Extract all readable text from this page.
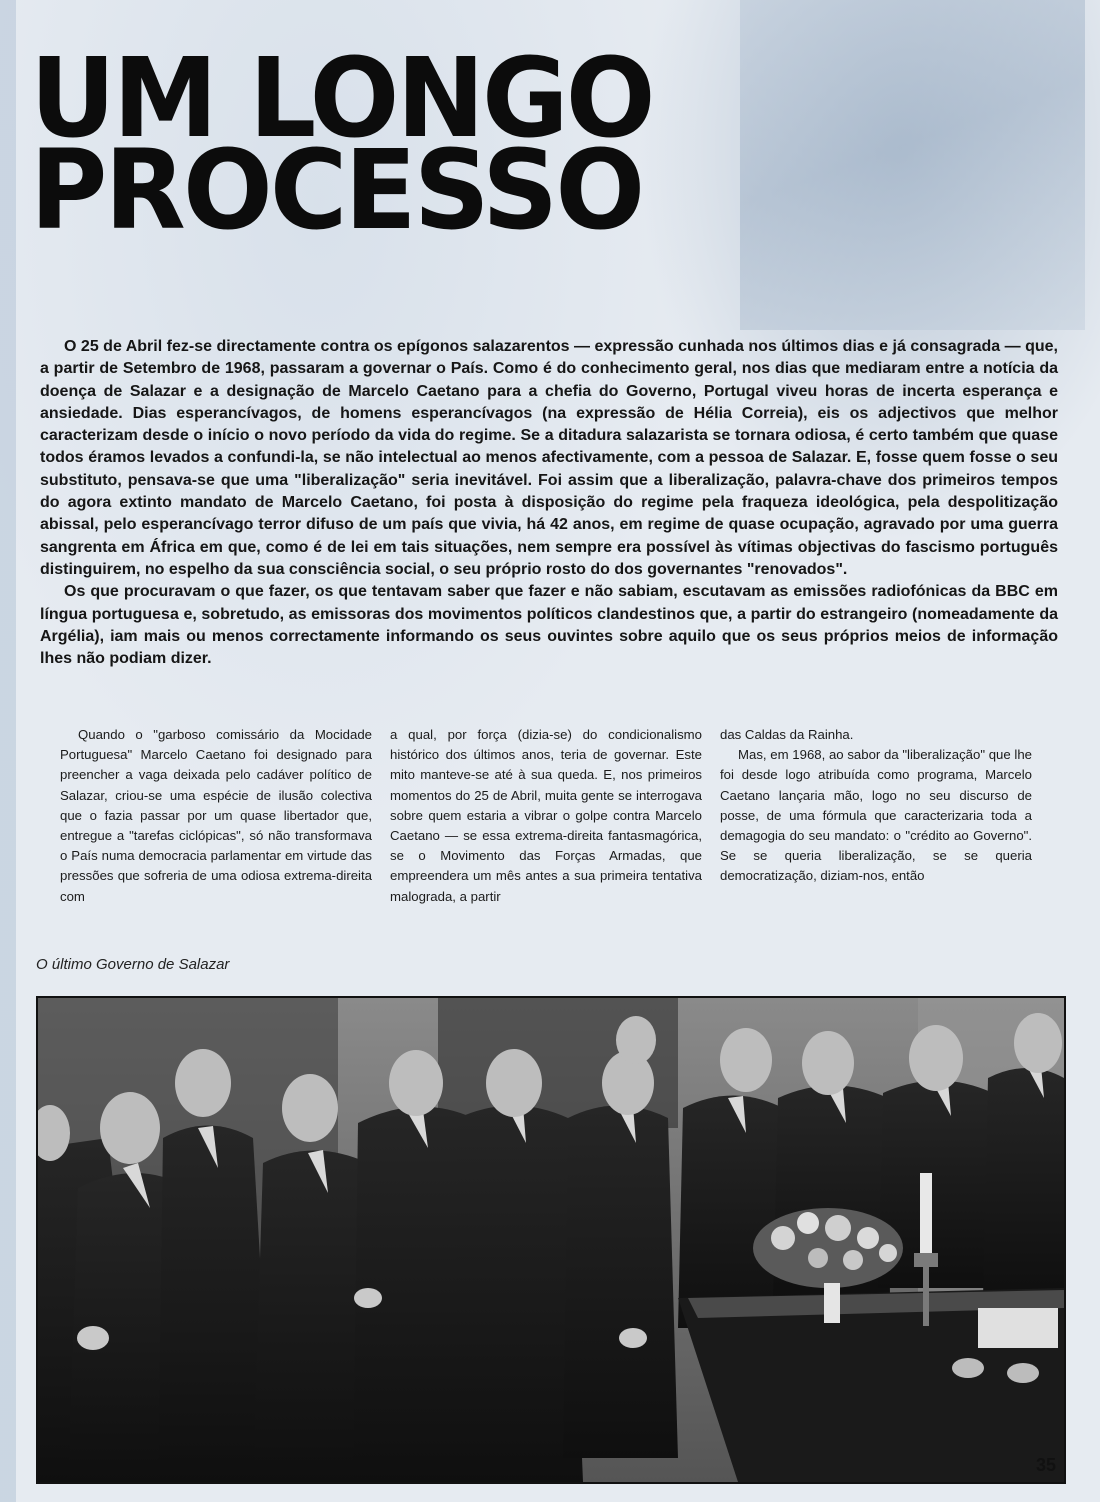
UM LONGO
PROCESSO

O 25 de Abril fez-se directamente contra os epígonos salazarentos — expressão cunhada nos últimos dias e já consagrada — que, a partir de Setembro de 1968, passaram a governar o País. Como é do conhecimento geral, nos dias que mediaram entre a notícia da doença de Salazar e a designação de Marcelo Caetano para a chefia do Governo, Portugal viveu horas de incerta esperança e ansiedade. Dias esperancívagos, de homens esperancívagos (na expressão de Hélia Correia), eis os adjectivos que melhor caracterizam desde o início o novo período da vida do regime. Se a ditadura salazarista se tornara odiosa, é certo também que quase todos éramos levados a confundi-la, se não intelectual ao menos afectivamente, com a pessoa de Salazar. E, fosse quem fosse o seu substituto, pensava-se que uma "liberalização" seria inevitável. Foi assim que a liberalização, palavra-chave dos primeiros tempos do agora extinto mandato de Marcelo Caetano, foi posta à disposição do regime pela fraqueza ideológica, pela despolitização abissal, pelo esperancívago terror difuso de um país que vivia, há 42 anos, em regime de quase ocupação, agravado por uma guerra sangrenta em África em que, como é de lei em tais situações, nem sempre era possível às vítimas objectivas do fascismo português distinguirem, no espelho da sua consciência social, o seu próprio rosto do dos governantes "renovados".

Os que procuravam o que fazer, os que tentavam saber que fazer e não sabiam, escutavam as emissões radiofónicas da BBC em língua portuguesa e, sobretudo, as emissoras dos movimentos políticos clandestinos que, a partir do estrangeiro (nomeadamente da Argélia), iam mais ou menos correctamente informando os seus ouvintes sobre aquilo que os seus próprios meios de informação lhes não podiam dizer.

Quando o "garboso comissário da Mocidade Portuguesa" Marcelo Caetano foi designado para preencher a vaga deixada pelo cadáver político de Salazar, criou-se uma espécie de ilusão colectiva que o fazia passar por um quase libertador que, entregue a "tarefas ciclópicas", só não transformava o País numa democracia parlamentar em virtude das pressões que sofreria de uma odiosa extrema-direita com

a qual, por força (dizia-se) do condicionalismo histórico dos últimos anos, teria de governar. Este mito manteve-se até à sua queda. E, nos primeiros momentos do 25 de Abril, muita gente se interrogava sobre quem estaria a vibrar o golpe contra Marcelo Caetano — se essa extrema-direita fantasmagórica, se o Movimento das Forças Armadas, que empreendera um mês antes a sua primeira tentativa malograda, a partir

das Caldas da Rainha.

Mas, em 1968, ao sabor da "liberalização" que lhe foi desde logo atribuída como programa, Marcelo Caetano lançaria mão, logo no seu discurso de posse, de uma fórmula que caracterizaria toda a demagogia do seu mandato: o "crédito ao Governo". Se se queria liberalização, se se queria democratização, diziam-nos, então

O último Governo de Salazar

35
